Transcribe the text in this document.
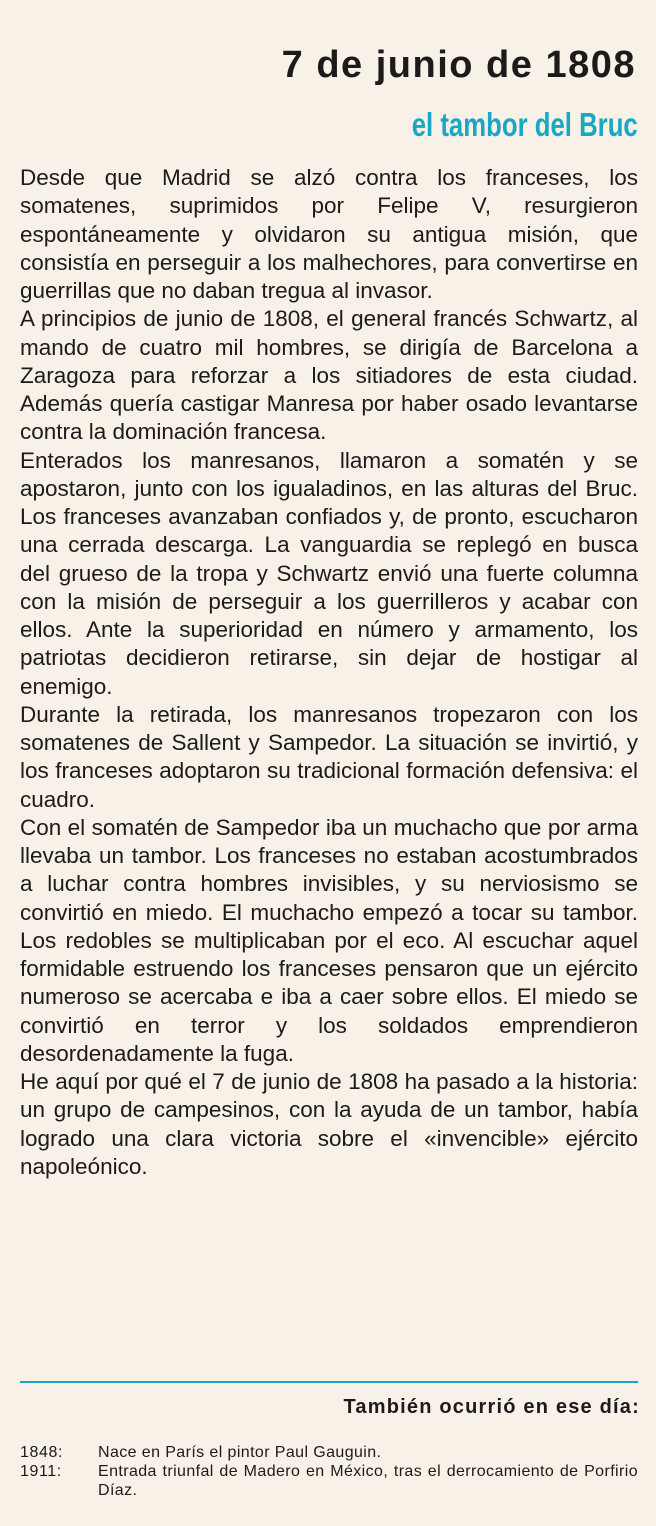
7 de junio de 1808
el tambor del Bruc

Desde que Madrid se alzó contra los franceses, los somatenes, suprimidos por Felipe V, resurgieron espontáneamente y olvidaron su antigua misión, que consistía en perseguir a los malhechores, para convertirse en guerrillas que no daban tregua al invasor.

A principios de junio de 1808, el general francés Schwartz, al mando de cuatro mil hombres, se dirigía de Barcelona a Zaragoza para reforzar a los sitiadores de esta ciudad. Además quería castigar Manresa por haber osado levantarse contra la dominación francesa.

Enterados los manresanos, llamaron a somatén y se apostaron, junto con los igualadinos, en las alturas del Bruc. Los franceses avanzaban confiados y, de pronto, escucharon una cerrada descarga. La vanguardia se replegó en busca del grueso de la tropa y Schwartz envió una fuerte columna con la misión de perseguir a los guerrilleros y acabar con ellos. Ante la superioridad en número y armamento, los patriotas decidieron retirarse, sin dejar de hostigar al enemigo.

Durante la retirada, los manresanos tropezaron con los somatenes de Sallent y Sampedor. La situación se invirtió, y los franceses adoptaron su tradicional formación defensiva: el cuadro.

Con el somatén de Sampedor iba un muchacho que por arma llevaba un tambor. Los franceses no estaban acostumbrados a luchar contra hombres invisibles, y su nerviosismo se convirtió en miedo. El muchacho empezó a tocar su tambor. Los redobles se multiplicaban por el eco. Al escuchar aquel formidable estruendo los franceses pensaron que un ejército numeroso se acercaba e iba a caer sobre ellos. El miedo se convirtió en terror y los soldados emprendieron desordenadamente la fuga.

He aquí por qué el 7 de junio de 1808 ha pasado a la historia: un grupo de campesinos, con la ayuda de un tambor, había logrado una clara victoria sobre el «invencible» ejército napoleónico.

También ocurrió en ese día:
1848:	Nace en París el pintor Paul Gauguin.
1911:	Entrada triunfal de Madero en México, tras el derrocamiento de Porfirio Díaz.
